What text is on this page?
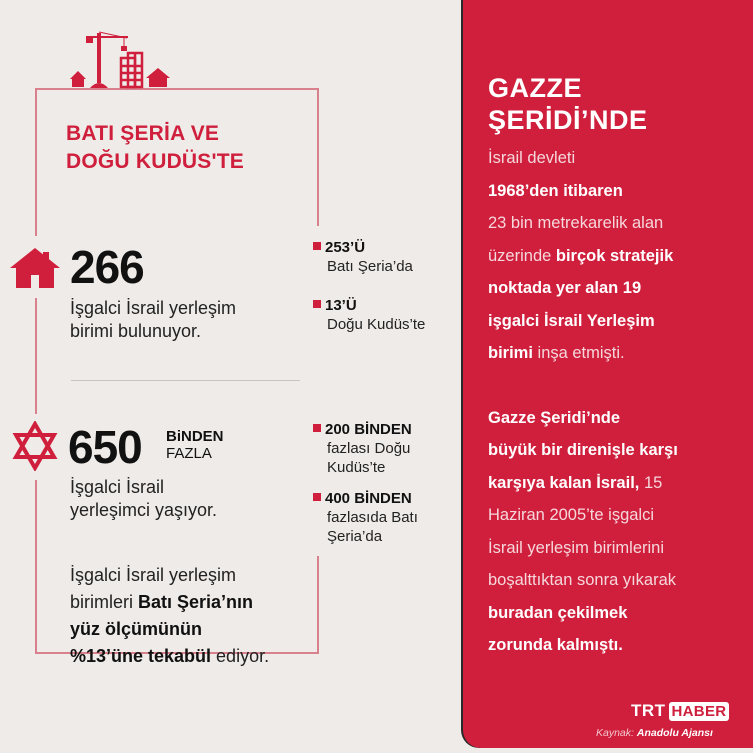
BATI ŞERİA VE
DOĞU KUDÜS'TE
266
İşgalci İsrail yerleşim
birimi bulunuyor.
253’Ü
Batı Şeria’da
13’Ü
Doğu Kudüs’te
650 BiNDEN
FAZLA
İşgalci İsrail
yerleşimci yaşıyor.
200 BİNDEN
fazlası Doğu
Kudüs’te
400 BİNDEN
fazlasıda Batı
Şeria’da
İşgalci İsrail yerleşim
birimleri Batı Şeria’nın
yüz ölçümünün
%13’üne tekabül ediyor.
GAZZE
ŞERİDİ’NDE
İsrail devleti
1968’den itibaren
23 bin metrekarelik alan
üzerinde birçok stratejik
noktada yer alan 19
işgalci İsrail Yerleşim
birimi inşa etmişti.
Gazze Şeridi’nde
büyük bir direnişle karşı
karşıya kalan İsrail, 15
Haziran 2005’te işgalci
İsrail yerleşim birimlerini
boşalttıktan sonra yıkarak
buradan çekilmek
zorunda kalmıştı.
TRT HABER
Kaynak: Anadolu Ajansı
